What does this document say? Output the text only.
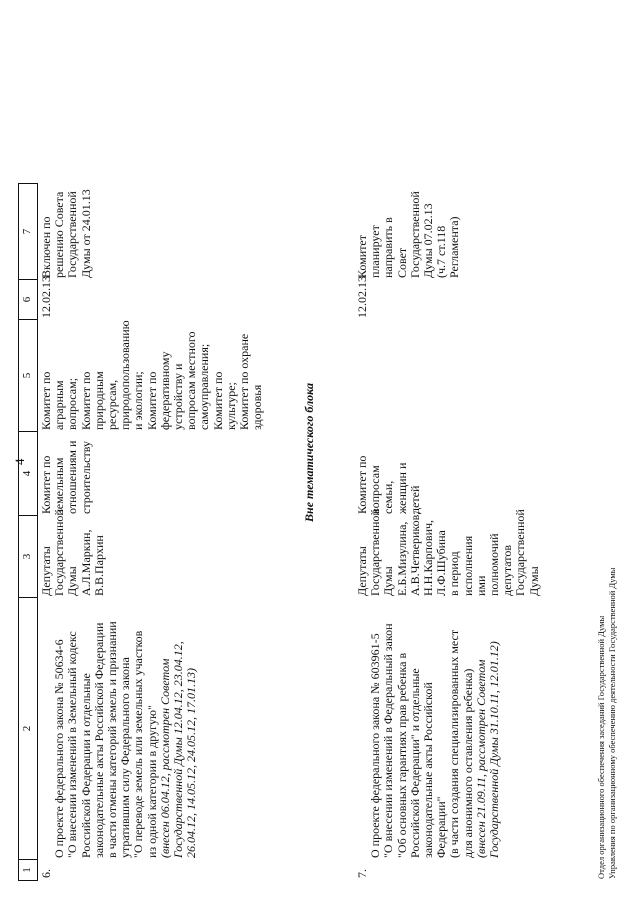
4
1
2
3
4
5
6
7
6.

О проекте федерального закона № 50634-6
"О внесении изменений в Земельный кодекс
Российской Федерации и отдельные
законодательные акты Российской Федерации
в части отмены категорий земель и признании
утратившим силу Федерального закона
"О переводе земель или земельных участков
из одной категории в другую"
(внесен 06.04.12, рассмотрен Советом
Государственной Думы 12.04.12, 23.04.12,
26.04.12, 14.05.12, 24.05.12, 17.01.13)

Депутаты
Государственной
Думы
А.Л.Маркин,
В.В.Пархин
Комитет по
земельным
отношениям и
строительству
Комитет по аграрным
вопросам;
Комитет по
природным ресурсам,
природопользованию
и экологии;
Комитет по
федеративному
устройству и
вопросам местного
самоуправления;
Комитет по культуре;
Комитет по охране
здоровья
12.02.13
Включен по
решению Совета
Государственной
Думы от 24.01.13
Вне тематического блока
7.

О проекте федерального закона № 603961-5
"О внесении изменений в Федеральный закон
"Об основных гарантиях прав ребенка в
Российской Федерации" и отдельные
законодательные акты Российской
Федерации"
(в части создания специализированных мест
для анонимного оставления ребенка)
(внесен 21.09.11, рассмотрен Советом
Государственной Думы 31.10.11, 12.01.12)

Депутаты
Государственной
Думы
Е.Б.Мизулина,
А.В.Четвериков;
Н.Н.Карпович,
Л.Ф.Шубина
в период
исполнения ими
полномочий
депутатов
Государственной
Думы
Комитет по вопросам
семьи, женщин и
детей
12.02.13
Комитет планирует
направить в Совет
Государственной
Думы 07.02.13
(ч.7 ст.118
Регламента)
Отдел организационного обеспечения заседаний Государственной Думы Управления по организационному обеспечению деятельности Государственной Думы
